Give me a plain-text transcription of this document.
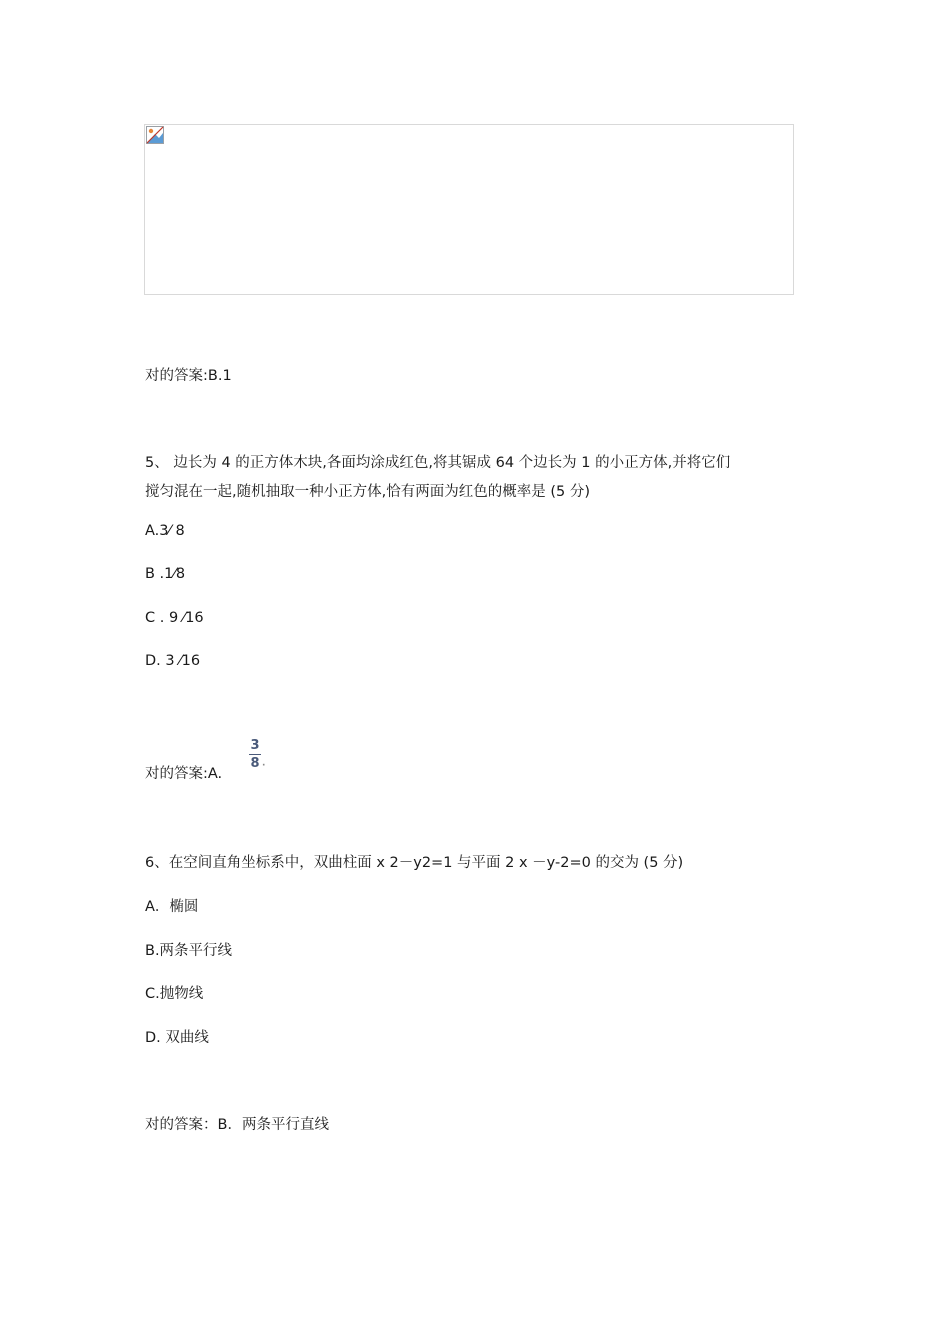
对的答案:B.1
5、 边长为 4 的正方体木块,各面均涂成红色,将其锯成 64 个边长为 1 的小正方体,并将它们
搅匀混在一起,随机抽取一种小正方体,恰有两面为红色的概率是 (5 分)
A.3⁄ 8
B .1⁄8
C . 9 ⁄16
D. 3 ⁄16
对的答案:A.
3
8 ·
6、在空间直角坐标系中，双曲柱面 x 2－y2=1 与平面 2 x －y-2=0 的交为 (5 分)
A．椭圆
B.两条平行线
C.抛物线
D. 双曲线
对的答案：B．两条平行直线
